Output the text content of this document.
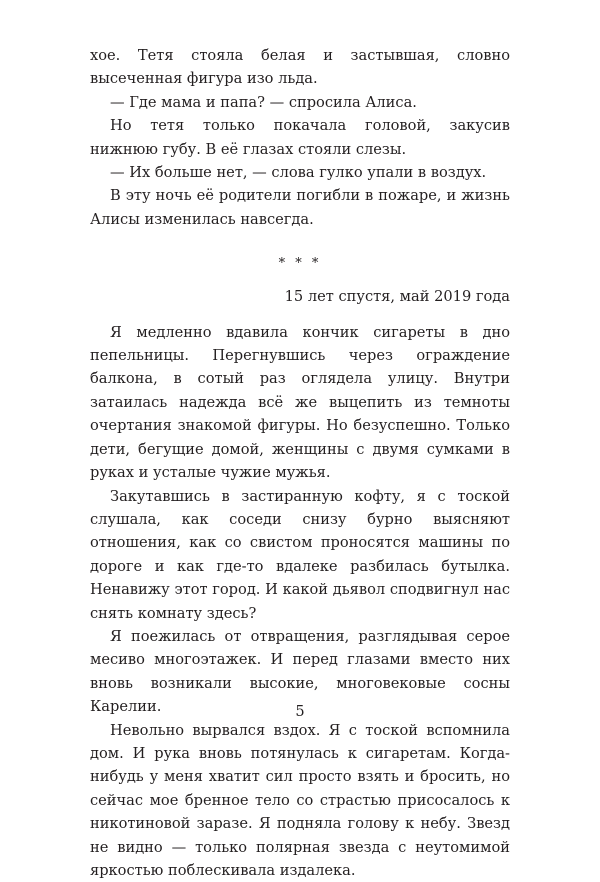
хое. Тетя стояла белая и застывшая, словно высеченная фигура изо льда.

— Где мама и папа? — спросила Алиса.

Но тетя только покачала головой, закусив нижнюю губу. В её глазах стояли слезы.

— Их больше нет, — слова гулко упали в воздух.

В эту ночь её родители погибли в пожаре, и жизнь Алисы изменилась навсегда.

* * *

15 лет спустя, май 2019 года

Я медленно вдавила кончик сигареты в дно пепельницы. Перегнувшись через ограждение балкона, в сотый раз оглядела улицу. Внутри затаилась надежда всё же выцепить из темноты очертания знакомой фигуры. Но безуспешно. Только дети, бегущие домой, женщины с двумя сумками в руках и усталые чужие мужья.

Закутавшись в застиранную кофту, я с тоской слушала, как соседи снизу бурно выясняют отношения, как со свистом проносятся машины по дороге и как где-то вдалеке разбилась бутылка. Ненавижу этот город. И какой дьявол сподвигнул нас снять комнату здесь?

Я поежилась от отвращения, разглядывая серое месиво многоэтажек. И перед глазами вместо них вновь возникали высокие, многовековые сосны Карелии.

Невольно вырвался вздох. Я с тоской вспомнила дом. И рука вновь потянулась к сигаретам. Когда-нибудь у меня хватит сил просто взять и бросить, но сейчас мое бренное тело со страстью присосалось к никотиновой заразе. Я подняла голову к небу. Звезд не видно — только полярная звезда с неутомимой яркостью поблескивала издалека.

5
